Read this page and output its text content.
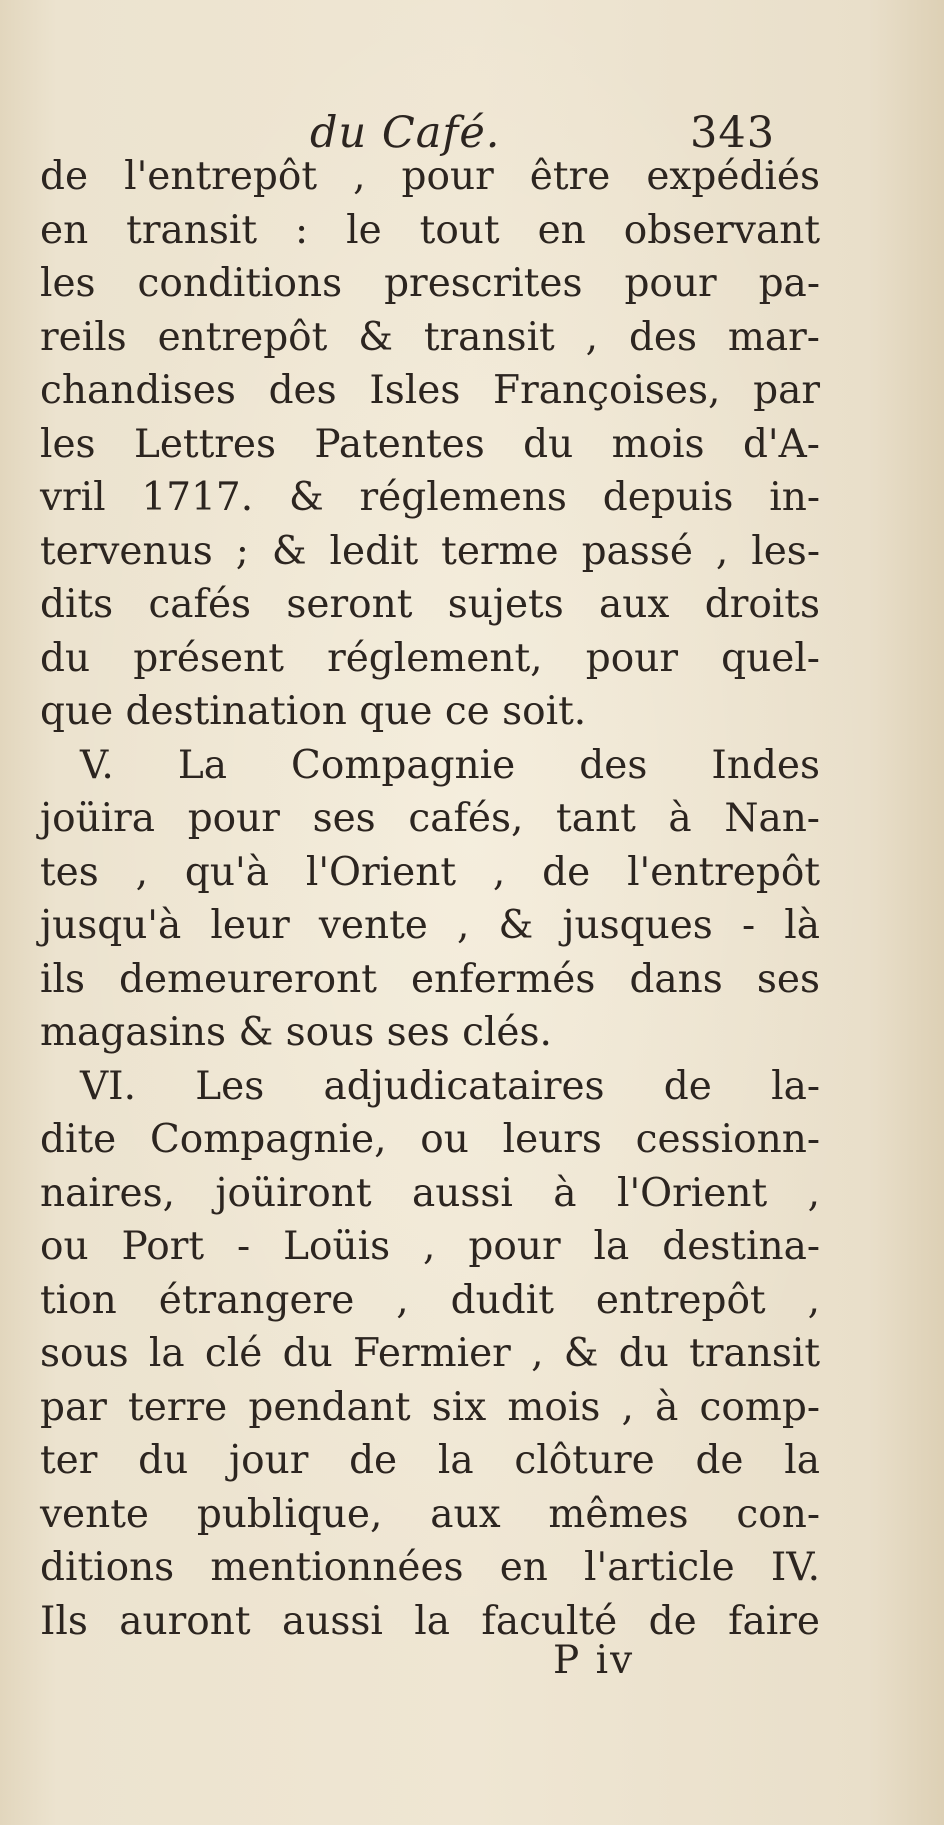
du Café.	343
de l'entrepôt , pour être expédiés
en transit : le tout en observant
les conditions prescrites pour pa-
reils entrepôt & transit , des mar-
chandises des Isles Françoises, par
les Lettres Patentes du mois d'A-
vril 1717. & réglemens depuis in-
tervenus ; & ledit terme passé , les-
dits cafés seront sujets aux droits
du présent réglement, pour quel-
que destination que ce soit.
V. La Compagnie des Indes
joüira pour ses cafés, tant à Nan-
tes , qu'à l'Orient , de l'entrepôt
jusqu'à leur vente , & jusques - là
ils demeureront enfermés dans ses
magasins & sous ses clés.
VI. Les adjudicataires de la-
dite Compagnie, ou leurs cessionn-
naires, joüiront aussi à l'Orient ,
ou Port - Loüis , pour la destina-
tion étrangere , dudit entrepôt ,
sous la clé du Fermier , & du transit
par terre pendant six mois , à comp-
ter du jour de la clôture de la
vente publique, aux mêmes con-
ditions mentionnées en l'article IV.
Ils auront aussi la faculté de faire
P iv
